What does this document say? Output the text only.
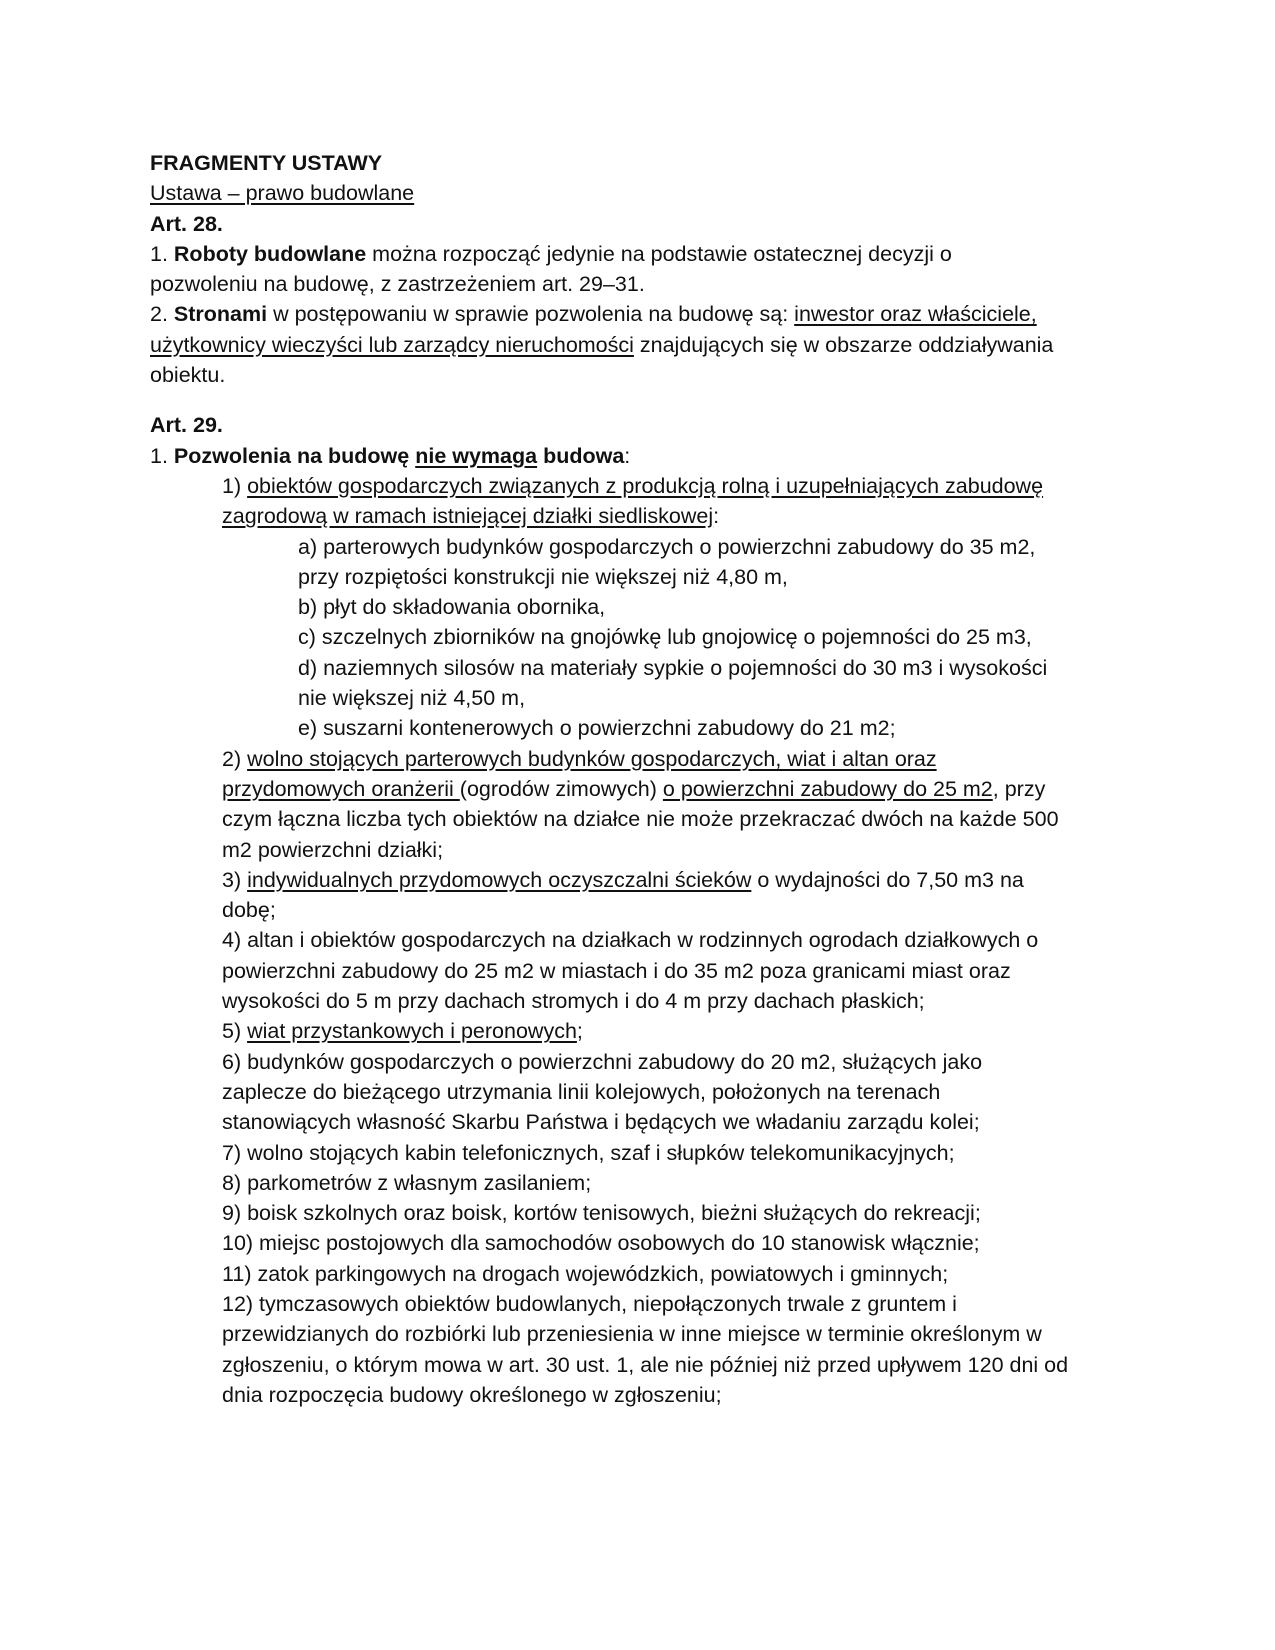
FRAGMENTY USTAWY

Ustawa – prawo budowlane

Art. 28.

1. Roboty budowlane można rozpocząć jedynie na podstawie ostatecznej decyzji o

pozwoleniu na budowę, z zastrzeżeniem art. 29–31.

2. Stronami w postępowaniu w sprawie pozwolenia na budowę są: inwestor oraz właściciele,

użytkownicy wieczyści lub zarządcy nieruchomości znajdujących się w obszarze oddziaływania

obiektu.

Art. 29.

1. Pozwolenia na budowę nie wymaga budowa:

1) obiektów gospodarczych związanych z produkcją rolną i uzupełniających zabudowę

zagrodową w ramach istniejącej działki siedliskowej:

a) parterowych budynków gospodarczych o powierzchni zabudowy do 35 m2,

przy rozpiętości konstrukcji nie większej niż 4,80 m,

b) płyt do składowania obornika,

c) szczelnych zbiorników na gnojówkę lub gnojowicę o pojemności do 25 m3,

d) naziemnych silosów na materiały sypkie o pojemności do 30 m3 i wysokości

nie większej niż 4,50 m,

e) suszarni kontenerowych o powierzchni zabudowy do 21 m2;

2) wolno stojących parterowych budynków gospodarczych, wiat i altan oraz

przydomowych oranżerii (ogrodów zimowych) o powierzchni zabudowy do 25 m2, przy

czym łączna liczba tych obiektów na działce nie może przekraczać dwóch na każde 500

m2 powierzchni działki;

3) indywidualnych przydomowych oczyszczalni ścieków o wydajności do 7,50 m3 na

dobę;

4) altan i obiektów gospodarczych na działkach w rodzinnych ogrodach działkowych o

powierzchni zabudowy do 25 m2 w miastach i do 35 m2 poza granicami miast oraz

wysokości do 5 m przy dachach stromych i do 4 m przy dachach płaskich;

5) wiat przystankowych i peronowych;

6) budynków gospodarczych o powierzchni zabudowy do 20 m2, służących jako

zaplecze do bieżącego utrzymania linii kolejowych, położonych na terenach

stanowiących własność Skarbu Państwa i będących we władaniu zarządu kolei;

7) wolno stojących kabin telefonicznych, szaf i słupków telekomunikacyjnych;

8) parkometrów z własnym zasilaniem;

9) boisk szkolnych oraz boisk, kortów tenisowych, bieżni służących do rekreacji;

10) miejsc postojowych dla samochodów osobowych do 10 stanowisk włącznie;

11) zatok parkingowych na drogach wojewódzkich, powiatowych i gminnych;

12) tymczasowych obiektów budowlanych, niepołączonych trwale z gruntem i

przewidzianych do rozbiórki lub przeniesienia w inne miejsce w terminie określonym w

zgłoszeniu, o którym mowa w art. 30 ust. 1, ale nie później niż przed upływem 120 dni od

dnia rozpoczęcia budowy określonego w zgłoszeniu;
